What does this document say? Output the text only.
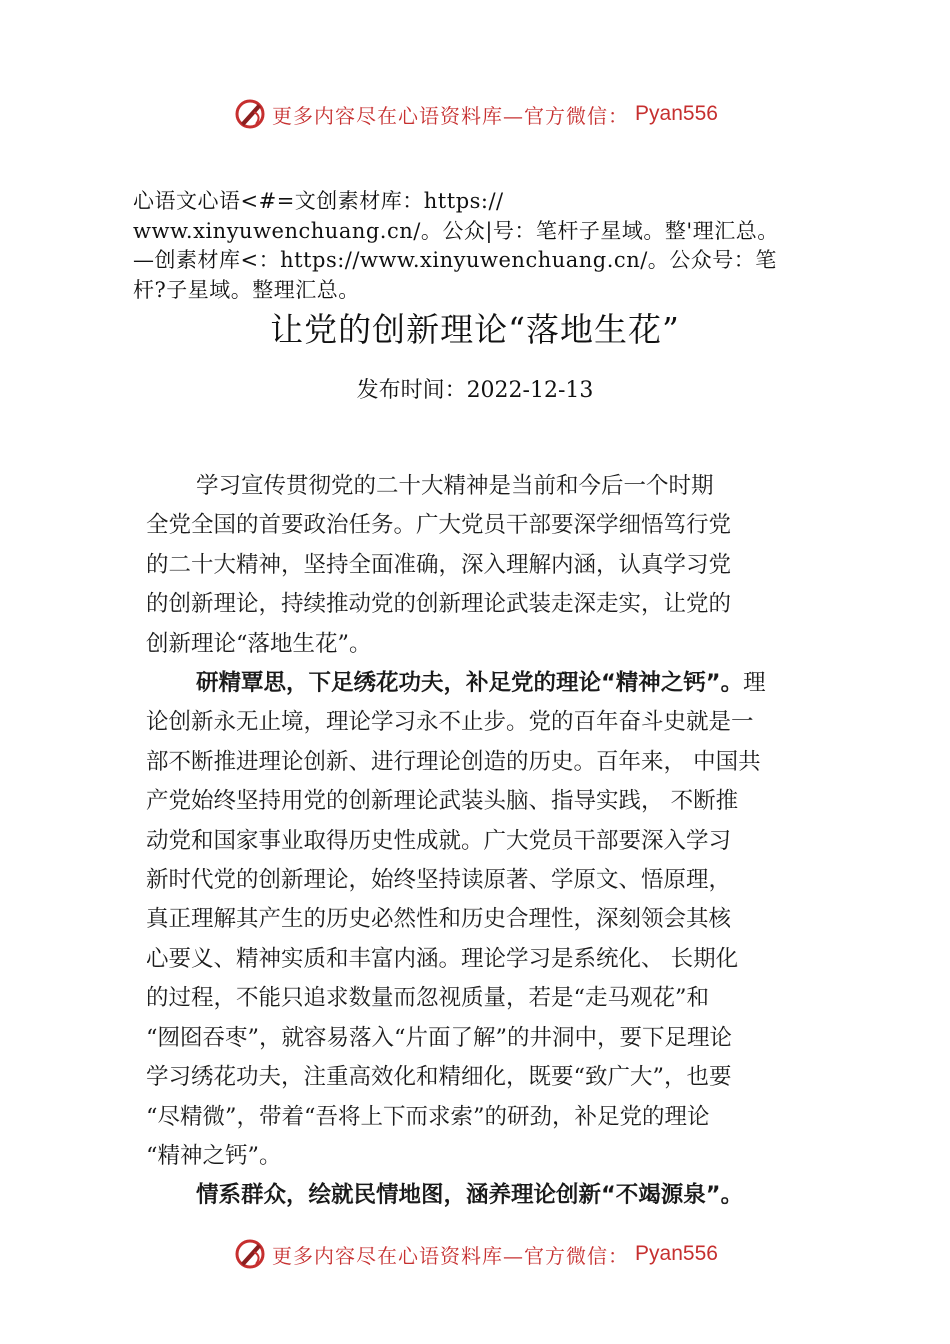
更多内容尽在心语资料库—官方微信： Pyan556
心语文心语<#=文创素材库：https://
www.xinyuwenchuang.cn/。公众|号：笔杆子星域。整'理汇总。
—创素材库<：https://www.xinyuwenchuang.cn/。公众号：笔
杆?子星域。整理汇总。
让党的创新理论“落地生花”
发布时间：2022-12-13
学习宣传贯彻党的二十大精神是当前和今后一个时期
全党全国的首要政治任务。广大党员干部要深学细悟笃行党
的二十大精神，坚持全面准确，深入理解内涵，认真学习党
的创新理论，持续推动党的创新理论武装走深走实，让党的
创新理论“落地生花”。
研精覃思，下足绣花功夫，补足党的理论“精神之钙”。理
论创新永无止境，理论学习永不止步。党的百年奋斗史就是一
部不断推进理论创新、进行理论创造的历史。百年来， 中国共
产党始终坚持用党的创新理论武装头脑、指导实践， 不断推
动党和国家事业取得历史性成就。广大党员干部要深入学习
新时代党的创新理论，始终坚持读原著、学原文、悟原理，
真正理解其产生的历史必然性和历史合理性，深刻领会其核
心要义、精神实质和丰富内涵。理论学习是系统化、 长期化
的过程，不能只追求数量而忽视质量，若是“走马观花”和
“囫囵吞枣”，就容易落入“片面了解”的井洞中，要下足理论
学习绣花功夫，注重高效化和精细化，既要“致广大”，也要
“尽精微”，带着“吾将上下而求索”的研劲，补足党的理论
“精神之钙”。
情系群众，绘就民情地图，涵养理论创新“不竭源泉”。
更多内容尽在心语资料库—官方微信： Pyan556
